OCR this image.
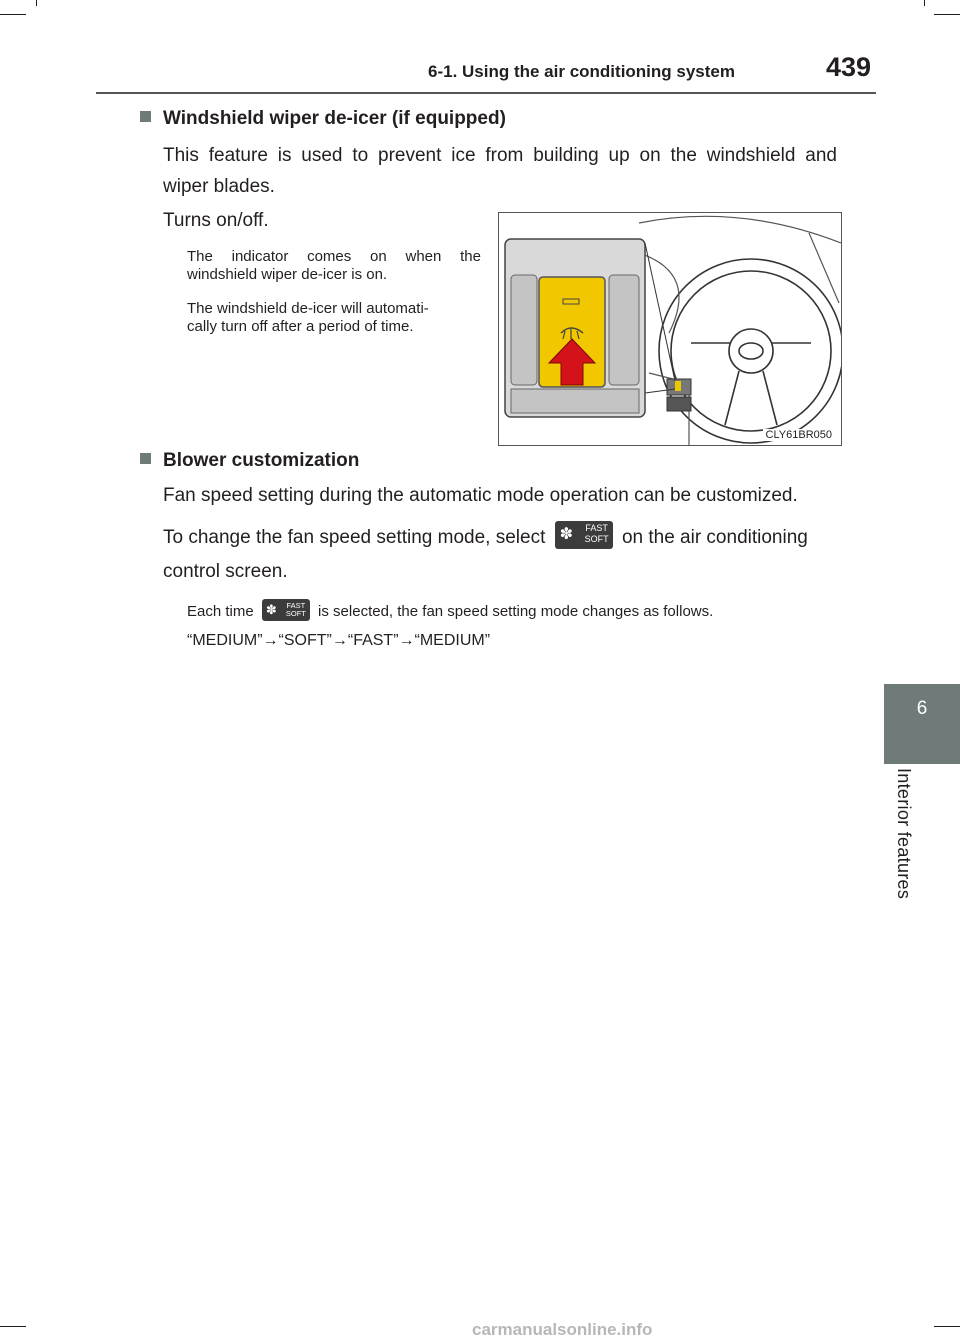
6-1. Using the air conditioning system	439
6
Interior features
Windshield wiper de-icer (if equipped)
This feature is used to prevent ice from building up on the windshield and
wiper blades.
Turns on/off.
The indicator comes on when the
windshield wiper de-icer is on.
The windshield de-icer will automati-
cally turn off after a period of time.
CLY61BR050
Blower customization
Fan speed setting during the automatic mode operation can be customized.
To change the fan speed setting mode, select ✽ FAST
SOFT on the air conditioning
control screen.
Each time ✽ FAST
SOFT is selected, the fan speed setting mode changes as follows.
“MEDIUM”→“SOFT”→“FAST”→“MEDIUM”
carmanualsonline.info
